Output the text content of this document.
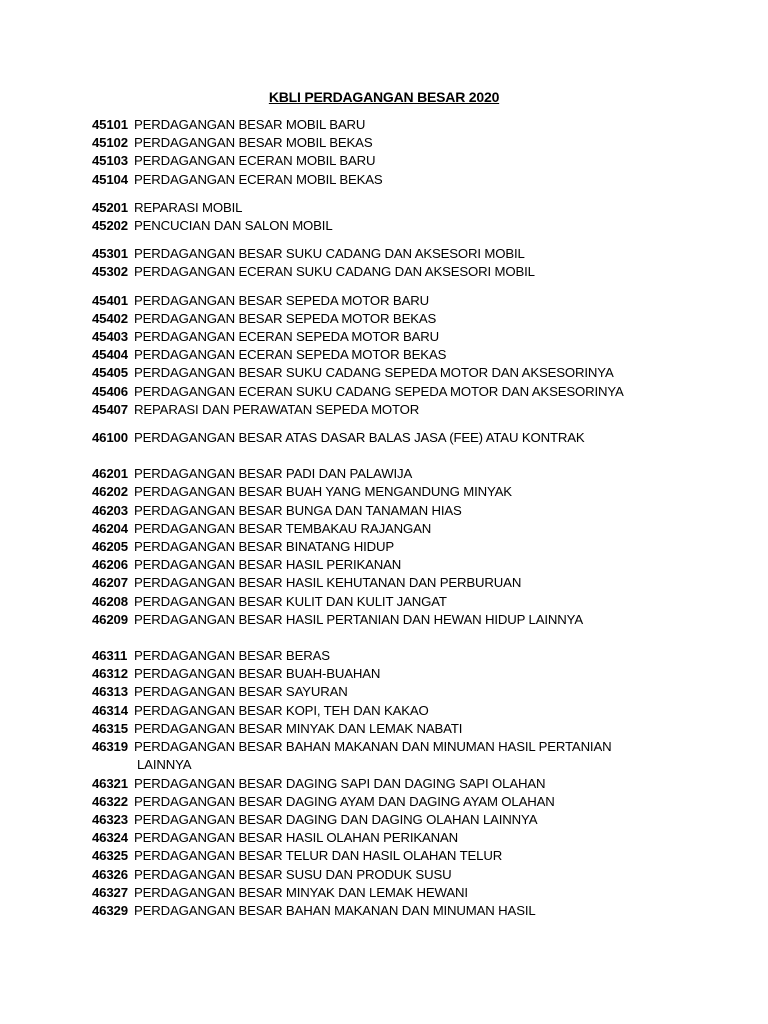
KBLI PERDAGANGAN BESAR 2020
45101 PERDAGANGAN BESAR MOBIL BARU
45102 PERDAGANGAN BESAR MOBIL BEKAS
45103 PERDAGANGAN ECERAN MOBIL BARU
45104 PERDAGANGAN ECERAN MOBIL BEKAS
45201 REPARASI MOBIL
45202 PENCUCIAN DAN SALON MOBIL
45301 PERDAGANGAN BESAR SUKU CADANG DAN AKSESORI MOBIL
45302 PERDAGANGAN ECERAN SUKU CADANG DAN AKSESORI MOBIL
45401 PERDAGANGAN BESAR SEPEDA MOTOR BARU
45402 PERDAGANGAN BESAR SEPEDA MOTOR BEKAS
45403 PERDAGANGAN ECERAN SEPEDA MOTOR BARU
45404 PERDAGANGAN ECERAN SEPEDA MOTOR BEKAS
45405 PERDAGANGAN BESAR SUKU CADANG SEPEDA MOTOR DAN AKSESORINYA
45406 PERDAGANGAN ECERAN SUKU CADANG SEPEDA MOTOR DAN AKSESORINYA
45407 REPARASI DAN PERAWATAN SEPEDA MOTOR
46100 PERDAGANGAN BESAR ATAS DASAR BALAS JASA (FEE) ATAU KONTRAK
46201 PERDAGANGAN BESAR PADI DAN PALAWIJA
46202 PERDAGANGAN BESAR BUAH YANG MENGANDUNG MINYAK
46203 PERDAGANGAN BESAR BUNGA DAN TANAMAN HIAS
46204 PERDAGANGAN BESAR TEMBAKAU RAJANGAN
46205 PERDAGANGAN BESAR BINATANG HIDUP
46206 PERDAGANGAN BESAR HASIL PERIKANAN
46207 PERDAGANGAN BESAR HASIL KEHUTANAN DAN PERBURUAN
46208 PERDAGANGAN BESAR KULIT DAN KULIT JANGAT
46209 PERDAGANGAN BESAR HASIL PERTANIAN DAN HEWAN HIDUP LAINNYA
46311 PERDAGANGAN BESAR BERAS
46312 PERDAGANGAN BESAR BUAH-BUAHAN
46313 PERDAGANGAN BESAR SAYURAN
46314 PERDAGANGAN BESAR KOPI, TEH DAN KAKAO
46315 PERDAGANGAN BESAR MINYAK DAN LEMAK NABATI
46319 PERDAGANGAN BESAR BAHAN MAKANAN DAN MINUMAN HASIL PERTANIAN
LAINNYA
46321 PERDAGANGAN BESAR DAGING SAPI DAN DAGING SAPI OLAHAN
46322 PERDAGANGAN BESAR DAGING AYAM DAN DAGING AYAM OLAHAN
46323 PERDAGANGAN BESAR DAGING DAN DAGING OLAHAN LAINNYA
46324 PERDAGANGAN BESAR HASIL OLAHAN PERIKANAN
46325 PERDAGANGAN BESAR TELUR DAN HASIL OLAHAN TELUR
46326 PERDAGANGAN BESAR SUSU DAN PRODUK SUSU
46327 PERDAGANGAN BESAR MINYAK DAN LEMAK HEWANI
46329 PERDAGANGAN BESAR BAHAN MAKANAN DAN MINUMAN HASIL
